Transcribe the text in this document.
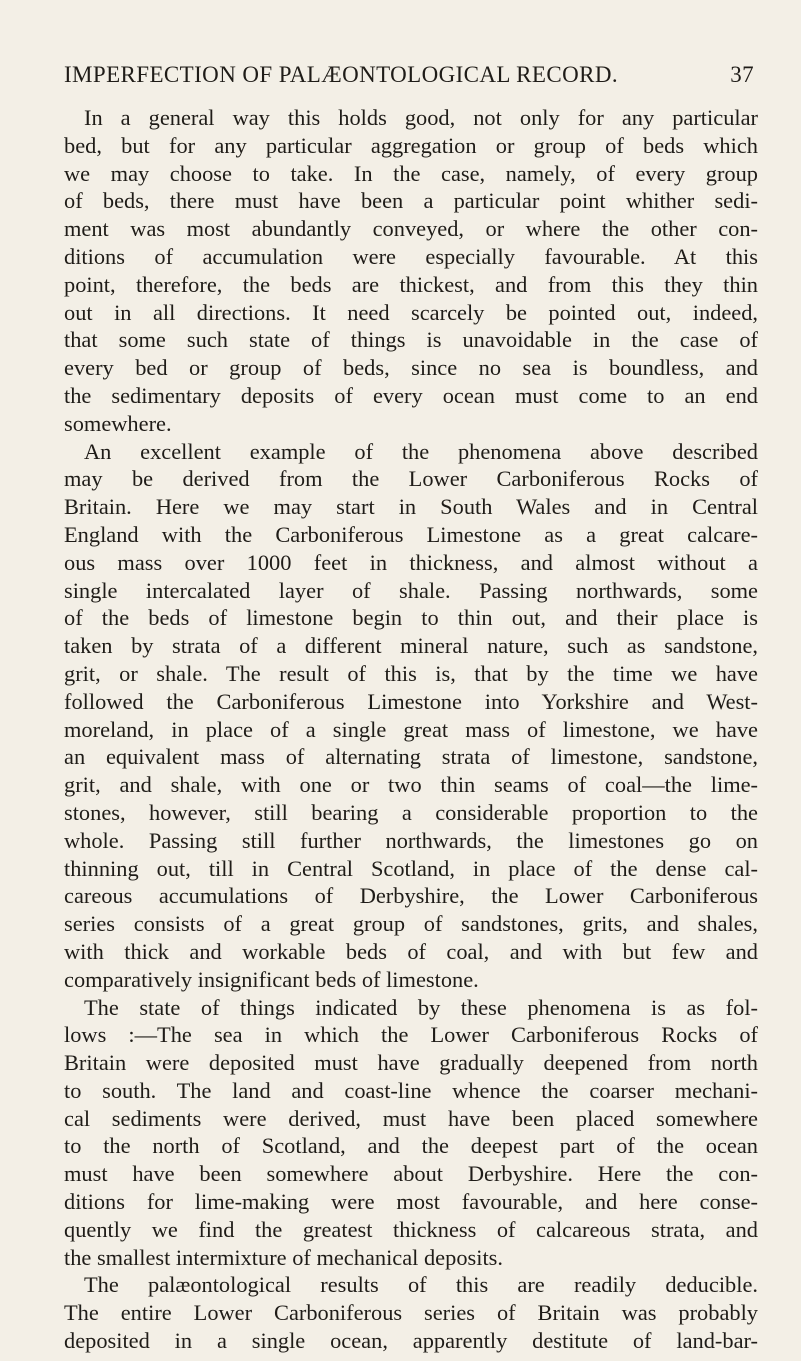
IMPERFECTION OF PALÆONTOLOGICAL RECORD.	37
In a general way this holds good, not only for any particular
bed, but for any particular aggregation or group of beds which
we may choose to take. In the case, namely, of every group
of beds, there must have been a particular point whither sedi-
ment was most abundantly conveyed, or where the other con-
ditions of accumulation were especially favourable. At this
point, therefore, the beds are thickest, and from this they thin
out in all directions. It need scarcely be pointed out, indeed,
that some such state of things is unavoidable in the case of
every bed or group of beds, since no sea is boundless, and
the sedimentary deposits of every ocean must come to an end
somewhere.
An excellent example of the phenomena above described
may be derived from the Lower Carboniferous Rocks of
Britain. Here we may start in South Wales and in Central
England with the Carboniferous Limestone as a great calcare-
ous mass over 1000 feet in thickness, and almost without a
single intercalated layer of shale. Passing northwards, some
of the beds of limestone begin to thin out, and their place is
taken by strata of a different mineral nature, such as sandstone,
grit, or shale. The result of this is, that by the time we have
followed the Carboniferous Limestone into Yorkshire and West-
moreland, in place of a single great mass of limestone, we have
an equivalent mass of alternating strata of limestone, sandstone,
grit, and shale, with one or two thin seams of coal—the lime-
stones, however, still bearing a considerable proportion to the
whole. Passing still further northwards, the limestones go on
thinning out, till in Central Scotland, in place of the dense cal-
careous accumulations of Derbyshire, the Lower Carboniferous
series consists of a great group of sandstones, grits, and shales,
with thick and workable beds of coal, and with but few and
comparatively insignificant beds of limestone.
The state of things indicated by these phenomena is as fol-
lows :—The sea in which the Lower Carboniferous Rocks of
Britain were deposited must have gradually deepened from north
to south. The land and coast-line whence the coarser mechani-
cal sediments were derived, must have been placed somewhere
to the north of Scotland, and the deepest part of the ocean
must have been somewhere about Derbyshire. Here the con-
ditions for lime-making were most favourable, and here conse-
quently we find the greatest thickness of calcareous strata, and
the smallest intermixture of mechanical deposits.
The palæontological results of this are readily deducible.
The entire Lower Carboniferous series of Britain was probably
deposited in a single ocean, apparently destitute of land-bar-
